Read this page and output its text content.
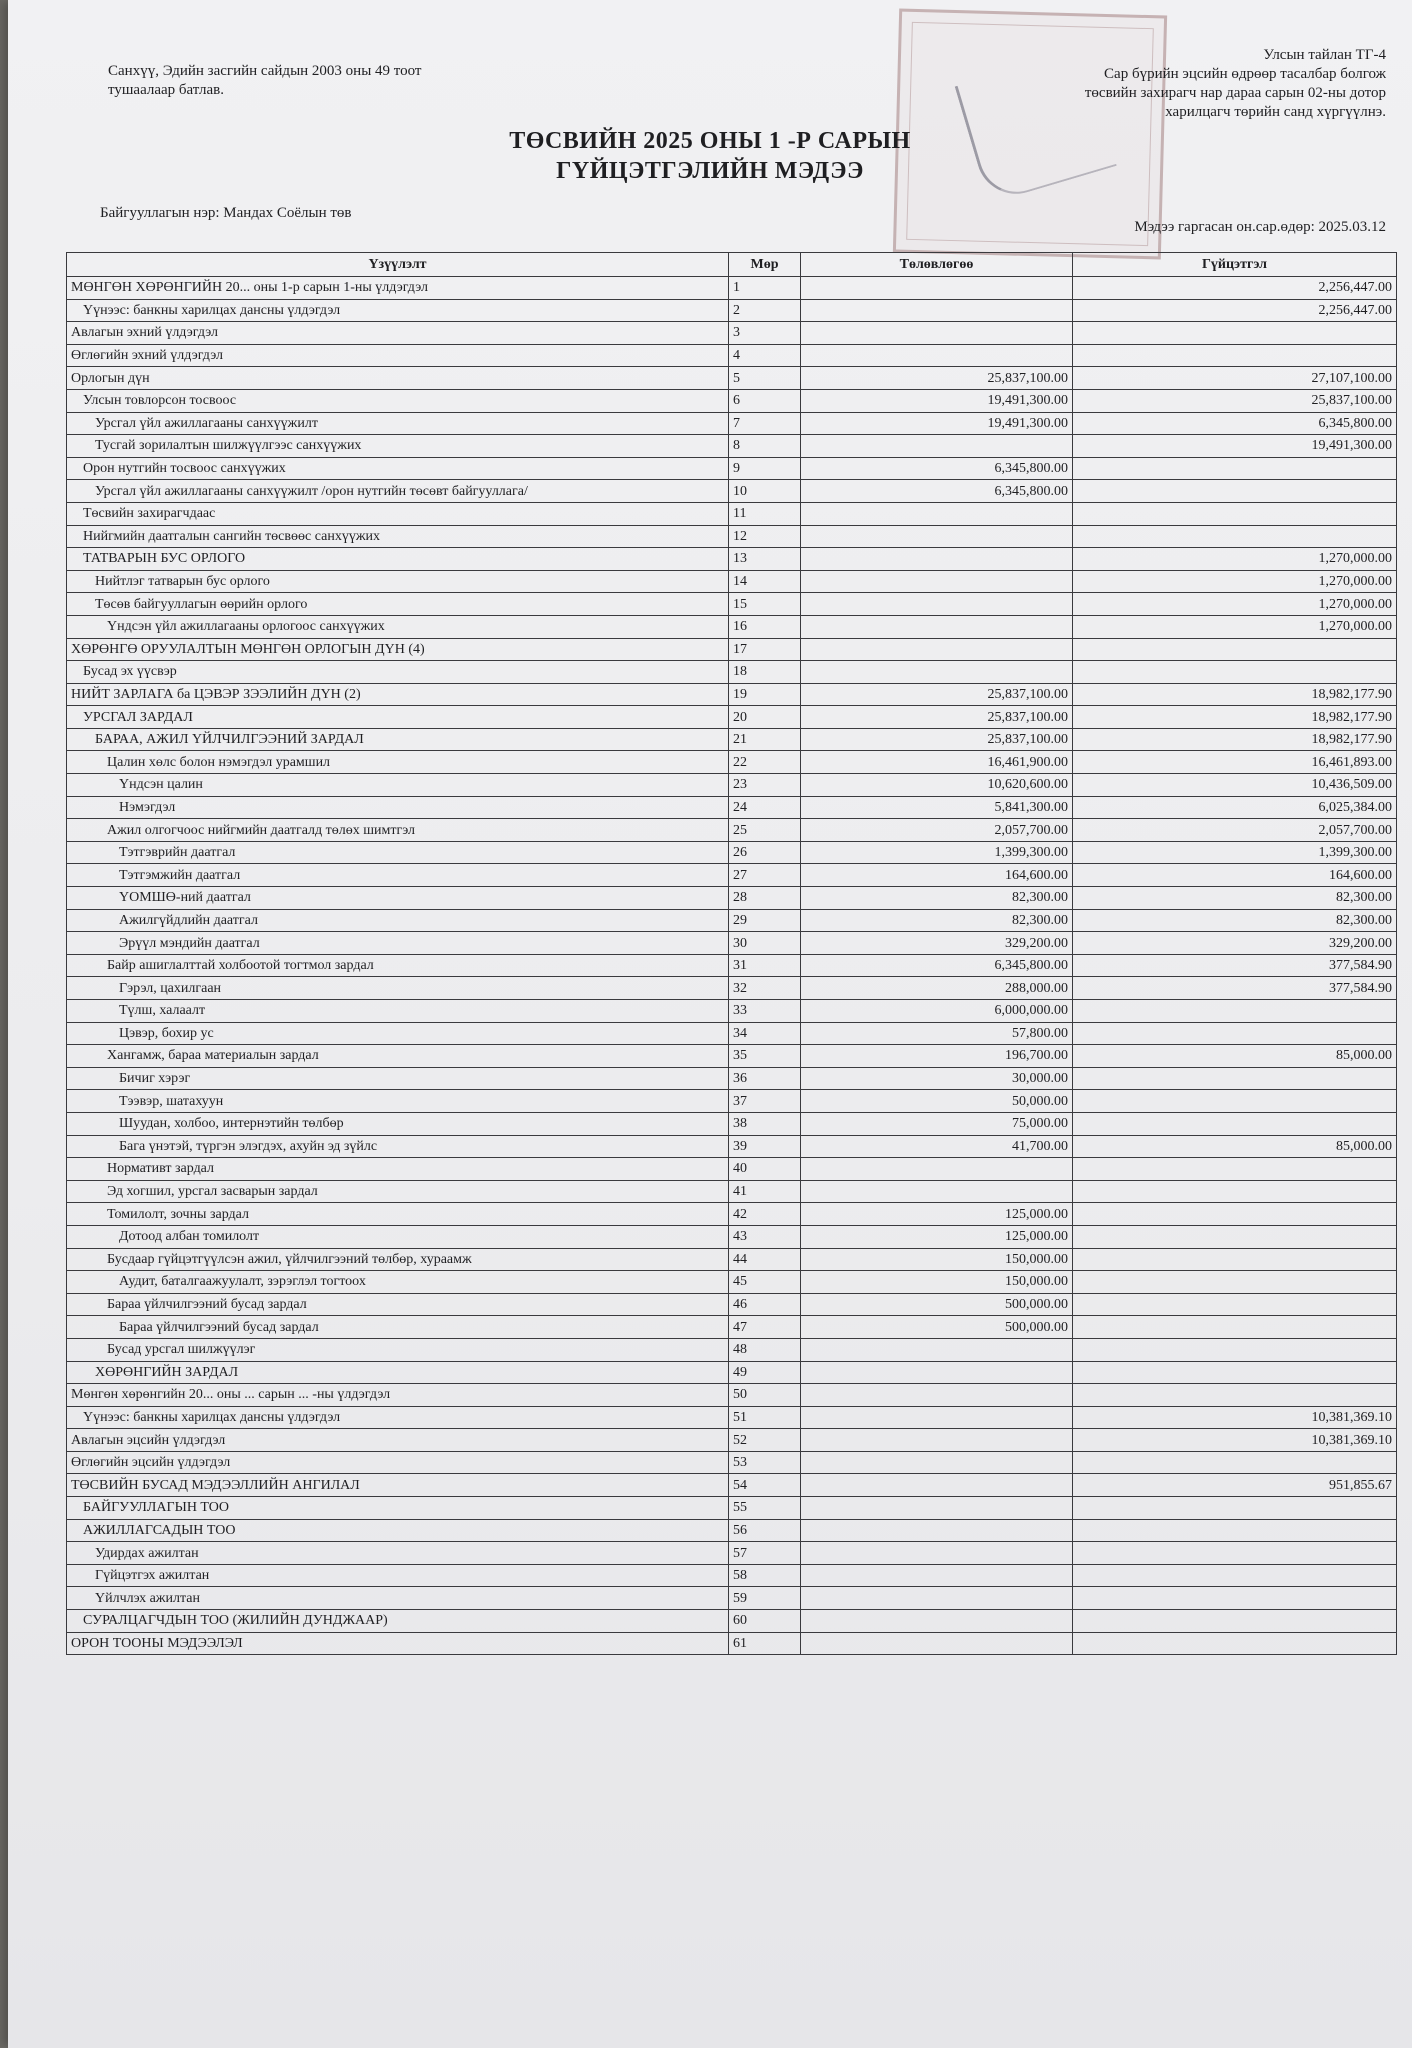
Санхүү, Эдийн засгийн сайдын 2003 оны 49 тоот
тушаалаар батлав.
Улсын тайлан ТГ-4
Сар бүрийн эцсийн өдрөөр тасалбар болгож
төсвийн захирагч нар дараа сарын 02-ны дотор
харилцагч төрийн санд хүргүүлнэ.
ТӨСВИЙН 2025 ОНЫ 1 -Р САРЫН
ГҮЙЦЭТГЭЛИЙН МЭДЭЭ
Байгууллагын нэр: Мандах Соёлын төв
Мэдээ гаргасан он.сар.өдөр: 2025.03.12
Үзүүлэлт	Мөр	Төлөвлөгөө	Гүйцэтгэл
МӨНГӨН ХӨРӨНГИЙН 20... оны 1-р сарын 1-ны үлдэгдэл	1		2,256,447.00
Үүнээс: банкны харилцах дансны үлдэгдэл	2		2,256,447.00
Авлагын эхний үлдэгдэл	3		
Өглөгийн эхний үлдэгдэл	4		
Орлогын дүн	5	25,837,100.00	27,107,100.00
Улсын товлорсон тосвоос	6	19,491,300.00	25,837,100.00
Урсгал үйл ажиллагааны санхүүжилт	7	19,491,300.00	6,345,800.00
Тусгай зорилалтын шилжүүлгээс санхүүжих	8		19,491,300.00
Орон нутгийн тосвоос санхүүжих	9	6,345,800.00	
Урсгал үйл ажиллагааны санхүүжилт /орон нутгийн төсөвт байгууллага/	10	6,345,800.00	
Төсвийн захирагчдаас	11		
Нийгмийн даатгалын сангийн төсвөөс санхүүжих	12		
ТАТВАРЫН БУС ОРЛОГО	13		1,270,000.00
Нийтлэг татварын бус орлого	14		1,270,000.00
Төсөв байгууллагын өөрийн орлого	15		1,270,000.00
Үндсэн үйл ажиллагааны орлогоос санхүүжих	16		1,270,000.00
ХӨРӨНГӨ ОРУУЛАЛТЫН МӨНГӨН ОРЛОГЫН ДҮН (4)	17		
Бусад эх үүсвэр	18		
НИЙТ ЗАРЛАГА ба ЦЭВЭР ЗЭЭЛИЙН ДҮН (2)	19	25,837,100.00	18,982,177.90
УРСГАЛ ЗАРДАЛ	20	25,837,100.00	18,982,177.90
БАРАА, АЖИЛ ҮЙЛЧИЛГЭЭНИЙ ЗАРДАЛ	21	25,837,100.00	18,982,177.90
Цалин хөлс болон нэмэгдэл урамшил	22	16,461,900.00	16,461,893.00
Үндсэн цалин	23	10,620,600.00	10,436,509.00
Нэмэгдэл	24	5,841,300.00	6,025,384.00
Ажил олгогчоос нийгмийн даатгалд төлөх шимтгэл	25	2,057,700.00	2,057,700.00
Тэтгэврийн даатгал	26	1,399,300.00	1,399,300.00
Тэтгэмжийн даатгал	27	164,600.00	164,600.00
ҮОМШӨ-ний даатгал	28	82,300.00	82,300.00
Ажилгүйдлийн даатгал	29	82,300.00	82,300.00
Эрүүл мэндийн даатгал	30	329,200.00	329,200.00
Байр ашиглалттай холбоотой тогтмол зардал	31	6,345,800.00	377,584.90
Гэрэл, цахилгаан	32	288,000.00	377,584.90
Түлш, халаалт	33	6,000,000.00	
Цэвэр, бохир ус	34	57,800.00	
Хангамж, бараа материалын зардал	35	196,700.00	85,000.00
Бичиг хэрэг	36	30,000.00	
Тээвэр, шатахуун	37	50,000.00	
Шуудан, холбоо, интернэтийн төлбөр	38	75,000.00	
Бага үнэтэй, түргэн элэгдэх, ахуйн эд зүйлс	39	41,700.00	85,000.00
Нормативт зардал	40		
Эд хогшил, урсгал засварын зардал	41		
Томилолт, зочны зардал	42	125,000.00	
Дотоод албан томилолт	43	125,000.00	
Бусдаар гүйцэтгүүлсэн ажил, үйлчилгээний төлбөр, хураамж	44	150,000.00	
Аудит, баталгаажуулалт, зэрэглэл тогтоох	45	150,000.00	
Бараа үйлчилгээний бусад зардал	46	500,000.00	
Бараа үйлчилгээний бусад зардал	47	500,000.00	
Бусад урсгал шилжүүлэг	48		
ХӨРӨНГИЙН ЗАРДАЛ	49		
Мөнгөн хөрөнгийн 20... оны ... сарын ... -ны үлдэгдэл	50		
Үүнээс: банкны харилцах дансны үлдэгдэл	51		10,381,369.10
Авлагын эцсийн үлдэгдэл	52		10,381,369.10
Өглөгийн эцсийн үлдэгдэл	53		
ТӨСВИЙН БУСАД МЭДЭЭЛЛИЙН АНГИЛАЛ	54		951,855.67
БАЙГУУЛЛАГЫН ТОО	55		
АЖИЛЛАГСАДЫН ТОО	56		
Удирдах ажилтан	57		
Гүйцэтгэх ажилтан	58		
Үйлчлэх ажилтан	59		
СУРАЛЦАГЧДЫН ТОО (ЖИЛИЙН ДУНДЖААР)	60		
ОРОН ТООНЫ МЭДЭЭЛЭЛ	61		
